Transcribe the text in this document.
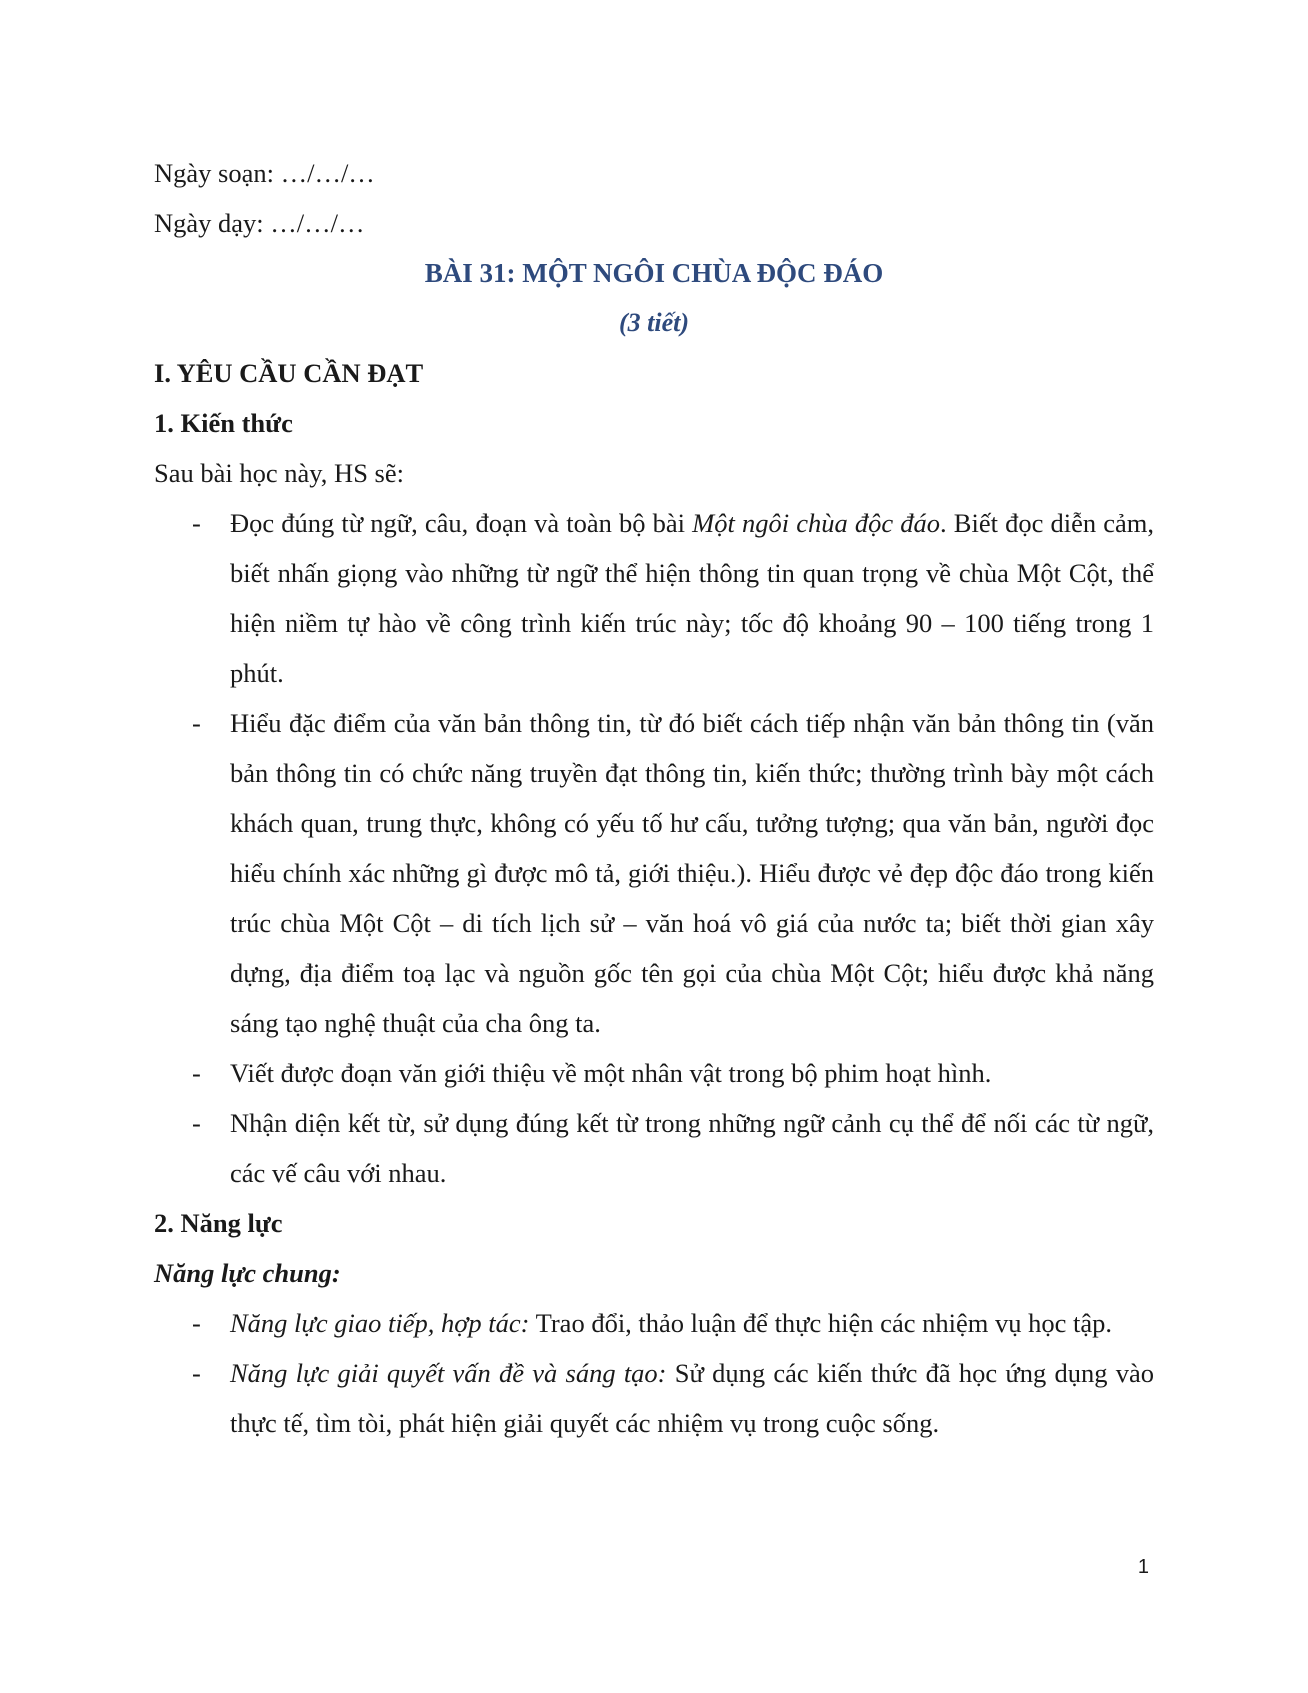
Ngày soạn: …/…/…

Ngày dạy: …/…/…

BÀI 31: MỘT NGÔI CHÙA ĐỘC ĐÁO

(3 tiết)

I. YÊU CẦU CẦN ĐẠT

1. Kiến thức

Sau bài học này, HS sẽ:

- Đọc đúng từ ngữ, câu, đoạn và toàn bộ bài Một ngôi chùa độc đáo. Biết đọc diễn cảm, biết nhấn giọng vào những từ ngữ thể hiện thông tin quan trọng về chùa Một Cột, thể hiện niềm tự hào về công trình kiến trúc này; tốc độ khoảng 90 – 100 tiếng trong 1 phút.
- Hiểu đặc điểm của văn bản thông tin, từ đó biết cách tiếp nhận văn bản thông tin (văn bản thông tin có chức năng truyền đạt thông tin, kiến thức; thường trình bày một cách khách quan, trung thực, không có yếu tố hư cấu, tưởng tượng; qua văn bản, người đọc hiểu chính xác những gì được mô tả, giới thiệu.). Hiểu được vẻ đẹp độc đáo trong kiến trúc chùa Một Cột – di tích lịch sử – văn hoá vô giá của nước ta; biết thời gian xây dựng, địa điểm toạ lạc và nguồn gốc tên gọi của chùa Một Cột; hiểu được khả năng sáng tạo nghệ thuật của cha ông ta.
- Viết được đoạn văn giới thiệu về một nhân vật trong bộ phim hoạt hình.
- Nhận diện kết từ, sử dụng đúng kết từ trong những ngữ cảnh cụ thể để nối các từ ngữ, các vế câu với nhau.

2. Năng lực

Năng lực chung:

- Năng lực giao tiếp, hợp tác: Trao đổi, thảo luận để thực hiện các nhiệm vụ học tập.
- Năng lực giải quyết vấn đề và sáng tạo: Sử dụng các kiến thức đã học ứng dụng vào thực tế, tìm tòi, phát hiện giải quyết các nhiệm vụ trong cuộc sống.
1
